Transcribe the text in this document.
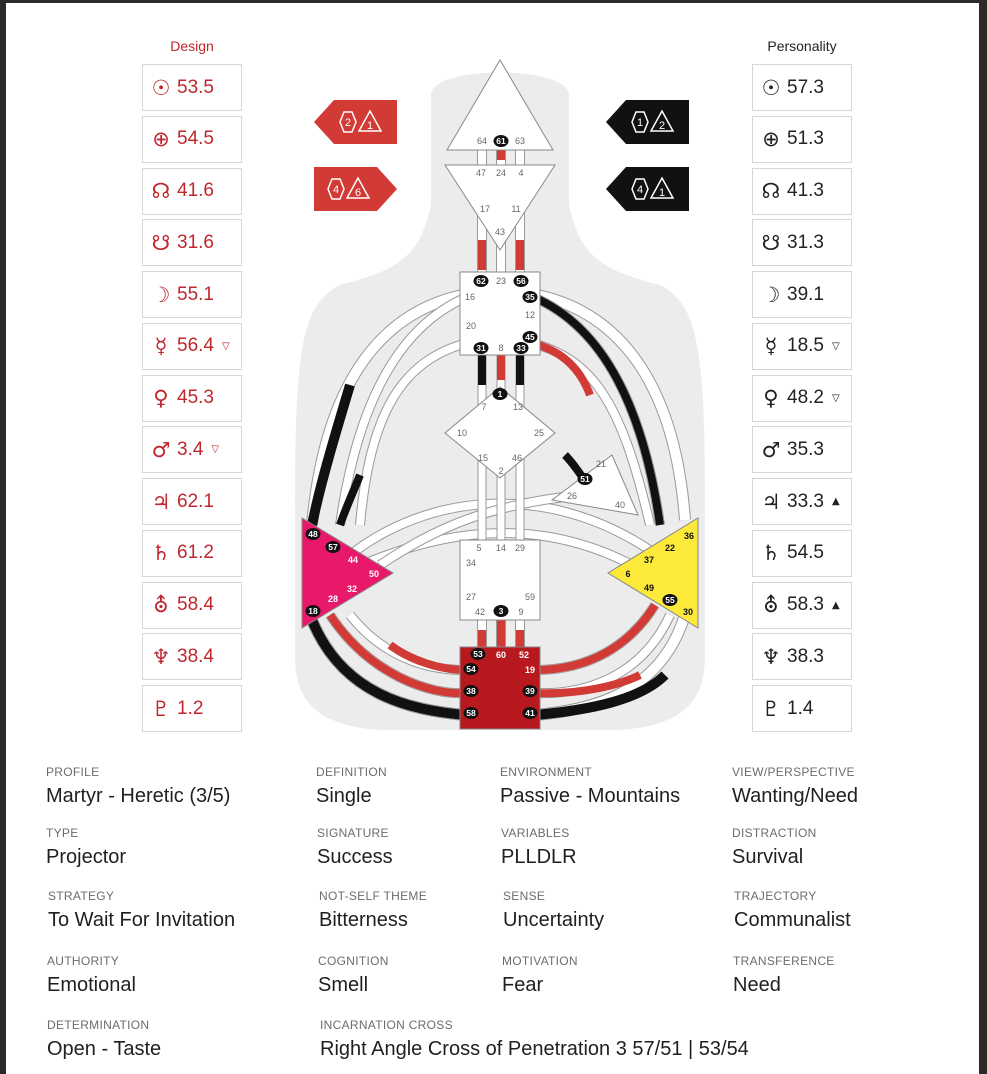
Design	Personality
☉ 53.5
⊕ 54.5
☊ 41.6
☋ 31.6
☽ 55.1
☿ 56.4 ▽
♀ 45.3
♂ 3.4 ▽
♃ 62.1
♄ 61.2
⛢ 58.4
♆ 38.4
♇ 1.2
☉ 57.3
⊕ 51.3
☊ 41.3
☋ 31.3
☽ 39.1
☿ 18.5 ▽
♀ 48.2 ▽
♂ 35.3
♃ 33.3 ▲
♄ 54.5
⛢ 58.3 ▲
♆ 38.3
♇ 1.4
64 61 63
47 24 4
17 11
43
62 23 56
16	35
12
20
45
31 8 33
1
7	13
10	25
15	46
2
21
51
26
40
5 14 29
34
27	59
42 3 9
48
57
44
50
32
28
18
36
22
37
6
49
55
30
53 60 52
54	19
38	39
58	41
2 1
4 6
1 2
4 1
PROFILE
Martyr - Heretic (3/5)
DEFINITION
Single
ENVIRONMENT
Passive - Mountains
VIEW/PERSPECTIVE
Wanting/Need
TYPE
Projector
SIGNATURE
Success
VARIABLES
PLLDLR
DISTRACTION
Survival
STRATEGY
To Wait For Invitation
NOT-SELF THEME
Bitterness
SENSE
Uncertainty
TRAJECTORY
Communalist
AUTHORITY
Emotional
COGNITION
Smell
MOTIVATION
Fear
TRANSFERENCE
Need
DETERMINATION
Open - Taste
INCARNATION CROSS
Right Angle Cross of Penetration 3 57/51 | 53/54
